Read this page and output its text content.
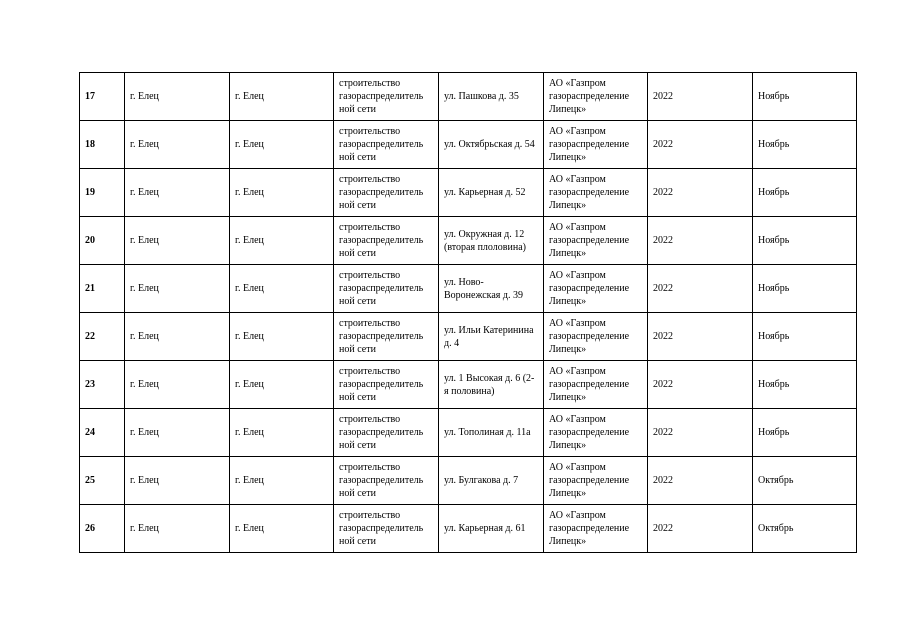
17	г. Елец	г. Елец	строительство газораспределитель ной сети	ул. Пашкова д. 35	АО «Газпром газораспределение Липецк»	2022	Ноябрь
18	г. Елец	г. Елец	строительство газораспределитель ной сети	ул. Октябрьская д. 54	АО «Газпром газораспределение Липецк»	2022	Ноябрь
19	г. Елец	г. Елец	строительство газораспределитель ной сети	ул. Карьерная д. 52	АО «Газпром газораспределение Липецк»	2022	Ноябрь
20	г. Елец	г. Елец	строительство газораспределитель ной сети	ул. Окружная д. 12 (вторая плоловина)	АО «Газпром газораспределение Липецк»	2022	Ноябрь
21	г. Елец	г. Елец	строительство газораспределитель ной сети	ул. Ново-Воронежская д. 39	АО «Газпром газораспределение Липецк»	2022	Ноябрь
22	г. Елец	г. Елец	строительство газораспределитель ной сети	ул. Ильи Катеринина д. 4	АО «Газпром газораспределение Липецк»	2022	Ноябрь
23	г. Елец	г. Елец	строительство газораспределитель ной сети	ул. 1 Высокая д. 6 (2-я половина)	АО «Газпром газораспределение Липецк»	2022	Ноябрь
24	г. Елец	г. Елец	строительство газораспределитель ной сети	ул. Тополиная д. 11а	АО «Газпром газораспределение Липецк»	2022	Ноябрь
25	г. Елец	г. Елец	строительство газораспределитель ной сети	ул. Булгакова д. 7	АО «Газпром газораспределение Липецк»	2022	Октябрь
26	г. Елец	г. Елец	строительство газораспределитель ной сети	ул. Карьерная д. 61	АО «Газпром газораспределение Липецк»	2022	Октябрь
